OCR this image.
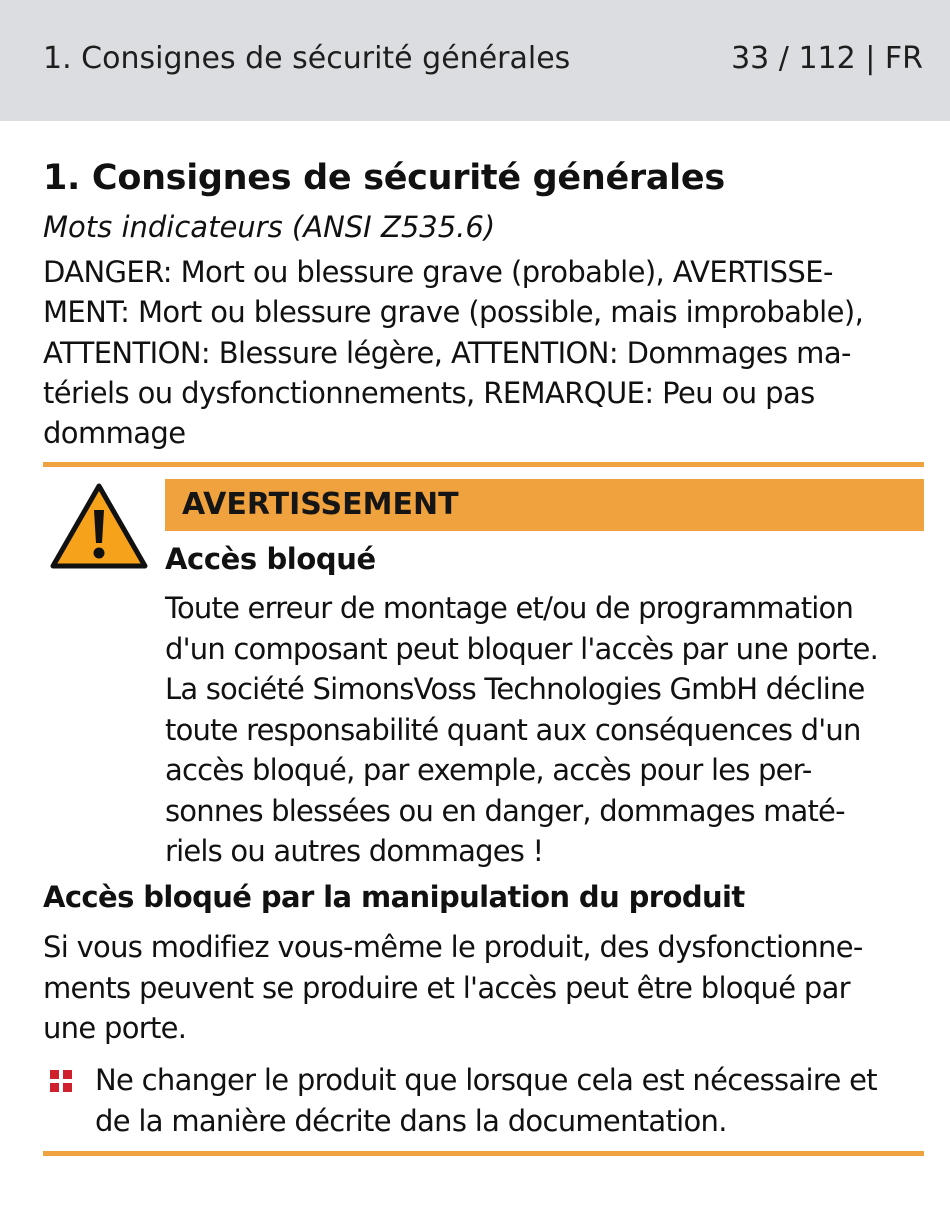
1. Consignes de sécurité générales	33 / 112 | FR
1. Consignes de sécurité générales
Mots indicateurs (ANSI Z535.6)
DANGER: Mort ou blessure grave (probable), AVERTISSE-
MENT: Mort ou blessure grave (possible, mais improbable),
ATTENTION: Blessure légère, ATTENTION: Dommages ma-
tériels ou dysfonctionnements, REMARQUE: Peu ou pas
dommage
AVERTISSEMENT
Accès bloqué
Toute erreur de montage et/ou de programmation
d'un composant peut bloquer l'accès par une porte.
La société SimonsVoss Technologies GmbH décline
toute responsabilité quant aux conséquences d'un
accès bloqué, par exemple, accès pour les per-
sonnes blessées ou en danger, dommages maté-
riels ou autres dommages !
Accès bloqué par la manipulation du produit
Si vous modifiez vous-même le produit, des dysfonctionne-
ments peuvent se produire et l'accès peut être bloqué par
une porte.
Ne changer le produit que lorsque cela est nécessaire et
de la manière décrite dans la documentation.
